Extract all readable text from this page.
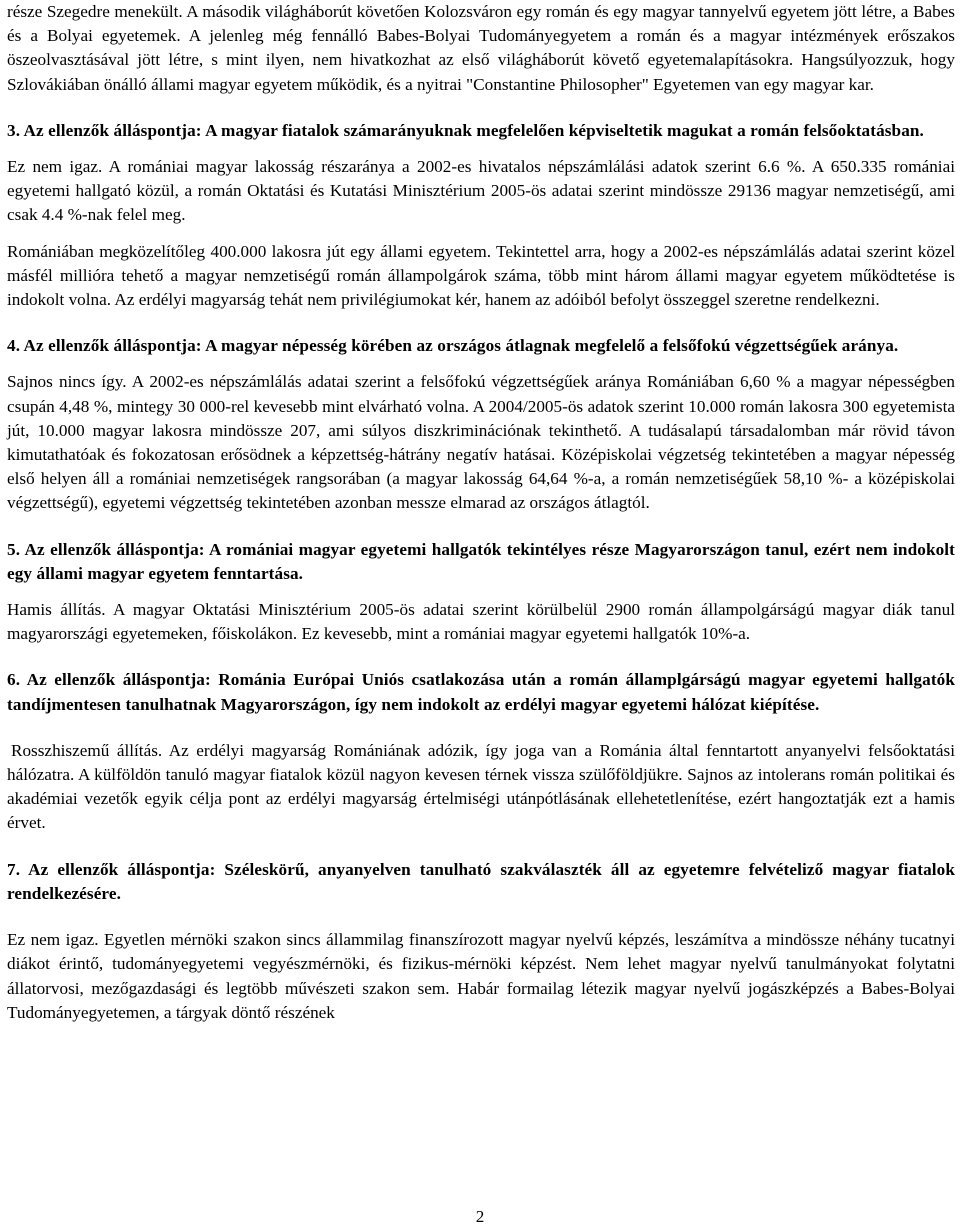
része Szegedre menekült. A második világháborút követően Kolozsváron egy román és egy magyar tannyelvű egyetem jött létre, a Babes és a Bolyai egyetemek. A jelenleg még fennálló Babes-Bolyai Tudományegyetem a román és a magyar intézmények erőszakos öszeolvasztásával jött létre, s mint ilyen, nem hivatkozhat az első világháborút követő egyetemalapításokra. Hangsúlyozzuk, hogy Szlovákiában önálló állami magyar egyetem működik, és a nyitrai "Constantine Philosopher" Egyetemen van egy magyar kar.

3. Az ellenzők álláspontja: A magyar fiatalok számarányuknak megfelelően képviseltetik magukat a román felsőoktatásban.

Ez nem igaz. A romániai magyar lakosság részaránya a 2002-es hivatalos népszámlálási adatok szerint 6.6 %. A 650.335 romániai egyetemi hallgató közül, a román Oktatási és Kutatási Minisztérium 2005-ös adatai szerint mindössze 29136 magyar nemzetiségű, ami csak 4.4 %-nak felel meg.

Romániában megközelítőleg 400.000 lakosra jút egy állami egyetem. Tekintettel arra, hogy a 2002-es népszámlálás adatai szerint közel másfél millióra tehető a magyar nemzetiségű román állampolgárok száma, több mint három állami magyar egyetem működtetése is indokolt volna. Az erdélyi magyarság tehát nem privilégiumokat kér, hanem az adóiból befolyt összeggel szeretne rendelkezni.

4. Az ellenzők álláspontja: A magyar népesség körében az országos átlagnak megfelelő a felsőfokú végzettségűek aránya.

Sajnos nincs így. A 2002-es népszámlálás adatai szerint a felsőfokú végzettségűek aránya Romániában 6,60 % a magyar népességben csupán 4,48 %, mintegy 30 000-rel kevesebb mint elvárható volna. A 2004/2005-ös adatok szerint 10.000 román lakosra 300 egyetemista jút, 10.000 magyar lakosra mindössze 207, ami súlyos diszkriminációnak tekinthető. A tudásalapú társadalomban már rövid távon kimutathatóak és fokozatosan erősödnek a képzettség-hátrány negatív hatásai. Középiskolai végzetség tekintetében a magyar népesség első helyen áll a romániai nemzetiségek rangsorában (a magyar lakosság 64,64 %-a, a román nemzetiségűek 58,10 %- a középiskolai végzettségű), egyetemi végzettség tekintetében azonban messze elmarad az országos átlagtól.

5. Az ellenzők álláspontja: A romániai magyar egyetemi hallgatók tekintélyes része Magyarországon tanul, ezért nem indokolt egy állami magyar egyetem fenntartása.

Hamis állítás. A magyar Oktatási Minisztérium 2005-ös adatai szerint körülbelül 2900 román állampolgárságú magyar diák tanul magyarországi egyetemeken, főiskolákon. Ez kevesebb, mint a romániai magyar egyetemi hallgatók 10%-a.

6. Az ellenzők álláspontja: Románia Európai Uniós csatlakozása után a román államplgárságú magyar egyetemi hallgatók tandíjmentesen tanulhatnak Magyarországon, így nem indokolt az erdélyi magyar egyetemi hálózat kiépítése.

Rosszhiszemű állítás. Az erdélyi magyarság Romániának adózik, így joga van a Románia által fenntartott anyanyelvi felsőoktatási hálózatra. A külföldön tanuló magyar fiatalok közül nagyon kevesen térnek vissza szülőföldjükre. Sajnos az intolerans román politikai és akadémiai vezetők egyik célja pont az erdélyi magyarság értelmiségi utánpótlásának ellehetetlenítése, ezért hangoztatják ezt a hamis érvet.

7. Az ellenzők álláspontja: Széleskörű, anyanyelven tanulható szakválaszték áll az egyetemre felvételiző magyar fiatalok rendelkezésére.

Ez nem igaz. Egyetlen mérnöki szakon sincs állammilag finanszírozott magyar nyelvű képzés, leszámítva a mindössze néhány tucatnyi diákot érintő, tudományegyetemi vegyészmérnöki, és fizikus-mérnöki képzést. Nem lehet magyar nyelvű tanulmányokat folytatni állatorvosi, mezőgazdasági és legtöbb művészeti szakon sem. Habár formailag létezik magyar nyelvű jogászképzés a Babes-Bolyai Tudományegyetemen, a tárgyak döntő részének

2
